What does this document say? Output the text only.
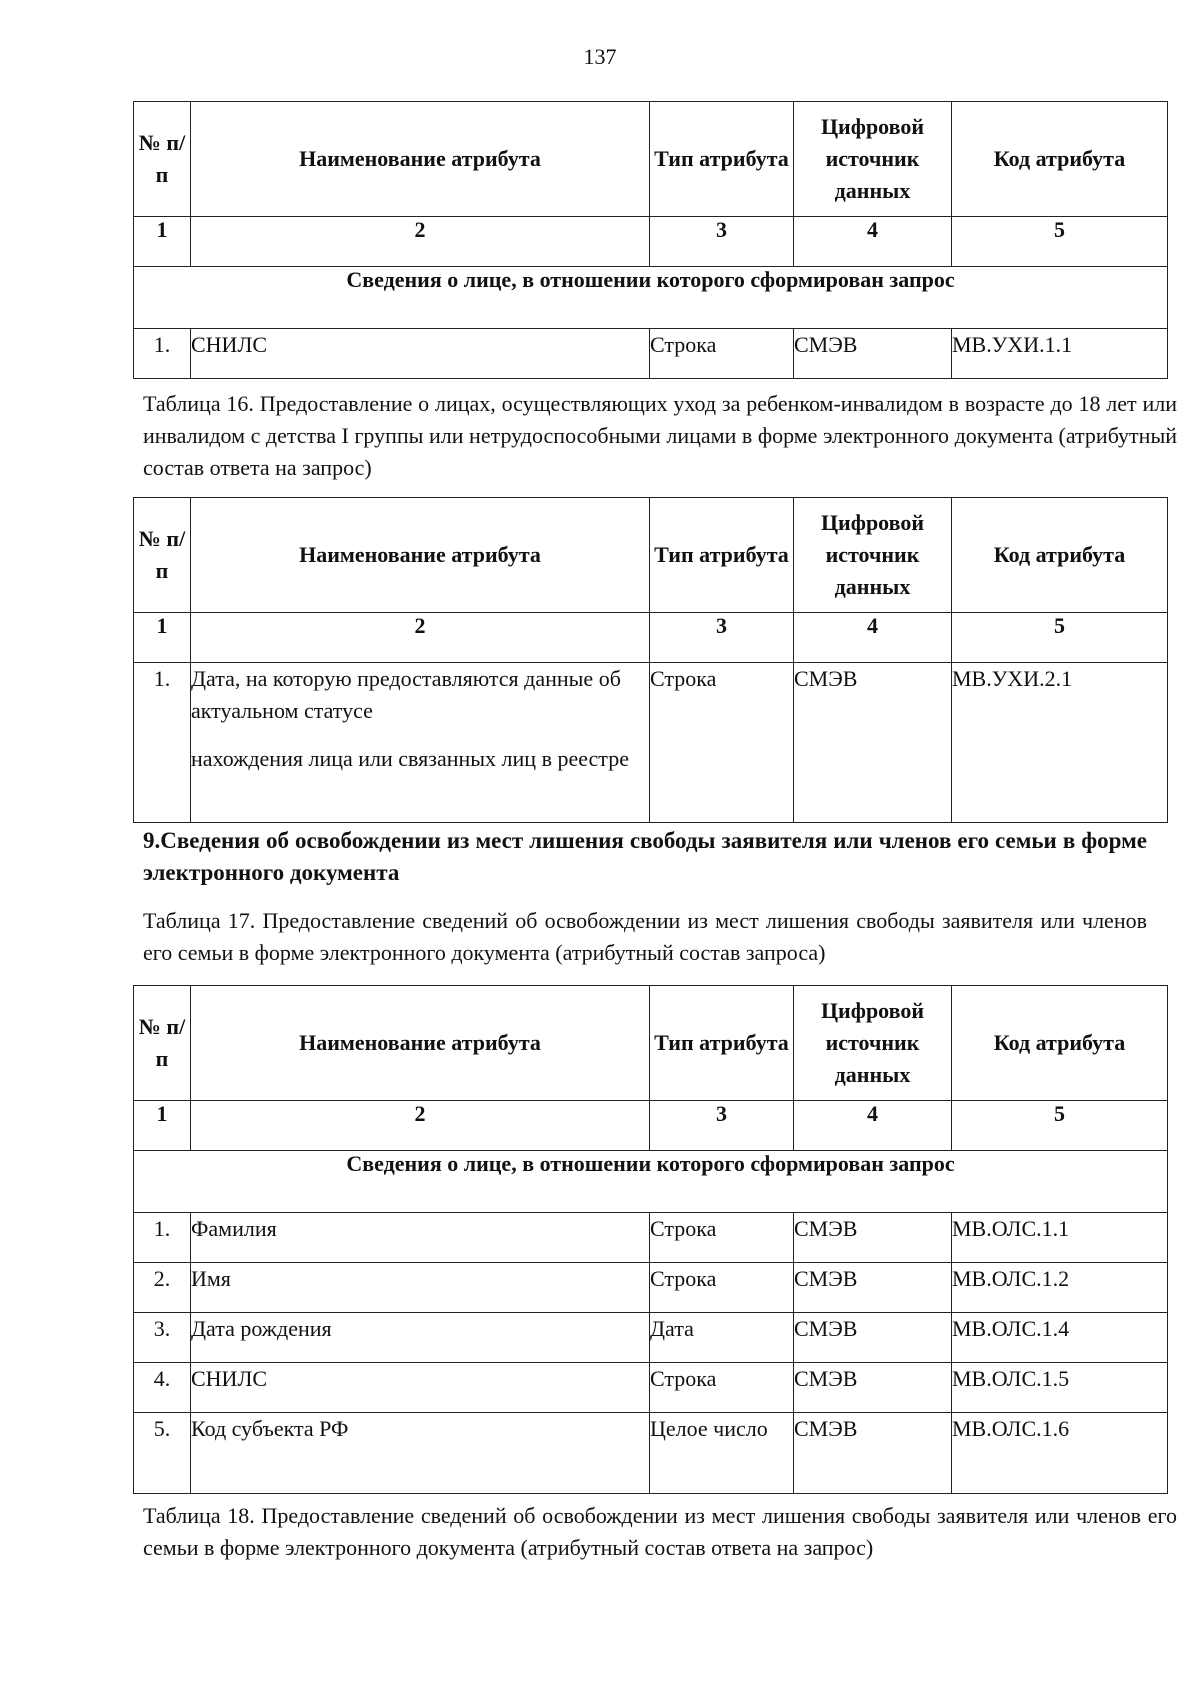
137
№ п/п	Наименование атрибута	Тип атрибута	Цифровой источник данных	Код атрибута
1	2	3	4	5
Сведения о лице, в отношении которого сформирован запрос				
1.	СНИЛС	Строка	СМЭВ	МВ.УХИ.1.1

Таблица 16. Предоставление о лицах, осуществляющих уход за ребенком-инвалидом в возрасте до 18 лет или инвалидом с детства I группы или нетрудоспособными лицами в форме электронного документа (атрибутный состав ответа на запрос)

№ п/п	Наименование атрибута	Тип атрибута	Цифровой источник данных	Код атрибута
1	2	3	4	5
1.	Дата, на которую предоставляются данные об актуальном статусе
нахождения лица или связанных лиц в реестре	Строка	СМЭВ	МВ.УХИ.2.1

9.Сведения об освобождении из мест лишения свободы заявителя или членов его семьи в форме электронного документа

Таблица 17. Предоставление сведений об освобождении из мест лишения свободы заявителя или членов его семьи в форме электронного документа (атрибутный состав запроса)

№ п/п	Наименование атрибута	Тип атрибута	Цифровой источник данных	Код атрибута
1	2	3	4	5
Сведения о лице, в отношении которого сформирован запрос				
1.	Фамилия	Строка	СМЭВ	МВ.ОЛС.1.1
2.	Имя	Строка	СМЭВ	МВ.ОЛС.1.2
3.	Дата рождения	Дата	СМЭВ	МВ.ОЛС.1.4
4.	СНИЛС	Строка	СМЭВ	МВ.ОЛС.1.5
5.	Код субъекта РФ	Целое число	СМЭВ	МВ.ОЛС.1.6

Таблица 18. Предоставление сведений об освобождении из мест лишения свободы заявителя или членов его семьи в форме электронного документа (атрибутный состав ответа на запрос)
